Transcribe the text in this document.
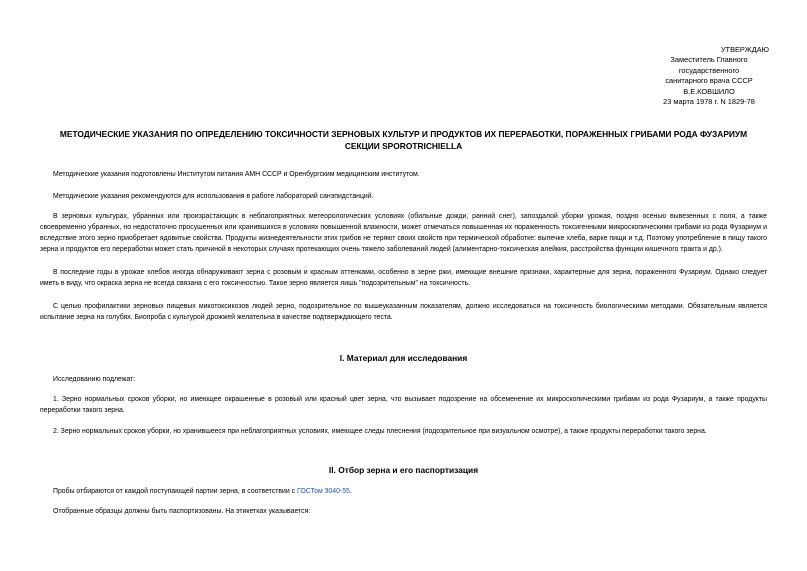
УТВЕРЖДАЮ
Заместитель Главного
государственного
санитарного врача СССР
В.Е.КОВШИЛО
23 марта 1978 г. N 1829-78
МЕТОДИЧЕСКИЕ УКАЗАНИЯ ПО ОПРЕДЕЛЕНИЮ ТОКСИЧНОСТИ ЗЕРНОВЫХ КУЛЬТУР И ПРОДУКТОВ ИХ ПЕРЕРАБОТКИ, ПОРАЖЕННЫХ ГРИБАМИ РОДА ФУЗАРИУМ
СЕКЦИИ SPOROTRICHIELLA
Методические указания подготовлены Институтом питания АМН СССР и Оренбургским медицинским институтом.
Методические указания рекомендуются для использования в работе лабораторий санэпидстанций.
В зерновых культурах, убранных или произрастающих в неблагоприятных метеорологических условиях (обильные дожди, ранний снег), запоздалой уборки урожая, поздно осенью вывезенных с поля, а также своевременно убранных, но недостаточно просушенных или хранившихся в условиях повышенной влажности, может отмечаться повышенная их пораженность токсигенными микроскопическими грибами из рода Фузариум и вследствие этого зерно приобретает ядовитые свойства. Продукты жизнедеятельности этих грибов не теряют своих свойств при термической обработке: выпечке хлеба, варке пищи и т.д. Поэтому употребление в пищу такого зерна и продуктов его переработки может стать причиной в некоторых случаях протекающих очень тяжело заболеваний людей (алиментарно-токсическая алейкия, расстройства функции кишечного тракта и др.).
В последние годы в урожае хлебов иногда обнаруживают зерна с розовым и красным оттенками, особенно в зерне ржи, имеющие внешние признаки, характерные для зерна, пораженного Фузариум. Однако следует иметь в виду, что окраска зерна не всегда связана с его токсичностью. Такое зерно является лишь "подозрительным" на токсичность.
С целью профилактики зерновых пищевых микотоксикозов людей зерно, подозрительное по вышеуказанным показателям, должно исследоваться на токсичность биологическими методами. Обязательным является испытание зерна на голубях. Биопроба с культурой дрожжей желательна в качестве подтверждающего теста.
I. Материал для исследования
Исследованию подлежат:
1. Зерно нормальных сроков уборки, но имеющее окрашенные в розовый или красный цвет зерна, что вызывает подозрение на обсеменение их микроскопическими грибами из рода Фузариум, а также продукты переработки такого зерна.
2. Зерно нормальных сроков уборки, но хранившееся при неблагоприятных условиях, имеющее следы плеснения (подозрительное при визуальном осмотре), а также продукты переработки такого зерна.
II. Отбор зерна и его паспортизация
Пробы отбираются от каждой поступающей партии зерна, в соответствии с ГОСТом 3040-55.
Отобранные образцы должны быть паспортизованы. На этикетках указывается:
